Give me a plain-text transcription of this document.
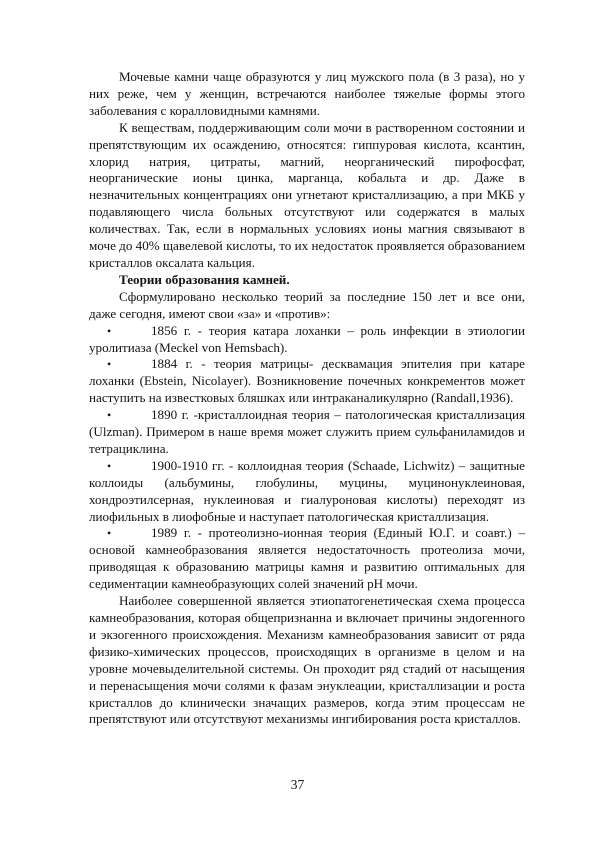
Мочевые камни чаще образуются у лиц мужского пола (в 3 раза), но у них реже, чем у женщин, встречаются наиболее тяжелые формы этого заболевания с коралловидными камнями.

К веществам, поддерживающим соли мочи в растворенном состоянии и препятствующим их осаждению, относятся: гиппуровая кислота, ксантин, хлорид натрия, цитраты, магний, неорганический пирофосфат, неорганические ионы цинка, марганца, кобальта и др. Даже в незначительных концентрациях они угнетают кристаллизацию, а при МКБ у подавляющего числа больных отсутствуют или содержатся в малых количествах. Так, если в нормальных условиях ионы магния связывают в моче до 40% щавелевой кислоты, то их недостаток проявляется образованием кристаллов оксалата кальция.

Теории образования камней.

Сформулировано несколько теорий за последние 150 лет и все они, даже сегодня, имеют свои «за» и «против»:

•	1856 г. - теория катара лоханки – роль инфекции в этиологии уролитиаза (Meckel von Hemsbach).

•	1884 г. - теория матрицы- десквамация эпителия при катаре лоханки (Ebstein, Nicolayer). Возникновение почечных конкрементов может наступить на известковых бляшках или интраканаликулярно (Randall,1936).

•	1890 г. -кристаллоидная теория – патологическая кристаллизация (Ulzman). Примером в наше время может служить прием сульфаниламидов и тетрациклина.

•	1900-1910 гг. - коллоидная теория (Schaade, Lichwitz) – защитные коллоиды (альбумины, глобулины, муцины, муцинонуклеиновая, хондроэтилсерная, нуклеиновая и гиалуроновая кислоты) переходят из лиофильных в лиофобные и наступает патологическая кристаллизация.

•	1989 г. - протеолизно-ионная теория (Единый Ю.Г. и соавт.) – основой камнеобразования является недостаточность протеолиза мочи, приводящая к образованию матрицы камня и развитию оптимальных для седиментации камнеобразующих солей значений pH мочи.

Наиболее совершенной является этиопатогенетическая схема процесса камнеобразования, которая общепризнанна и включает причины эндогенного и экзогенного происхождения. Механизм камнеобразования зависит от ряда физико-химических процессов, происходящих в организме в целом и на уровне мочевыделительной системы. Он проходит ряд стадий от насыщения и перенасыщения мочи солями к фазам энуклеации, кристаллизации и роста кристаллов до клинически значащих размеров, когда этим процессам не препятствуют или отсутствуют механизмы ингибирования роста кристаллов.

37
